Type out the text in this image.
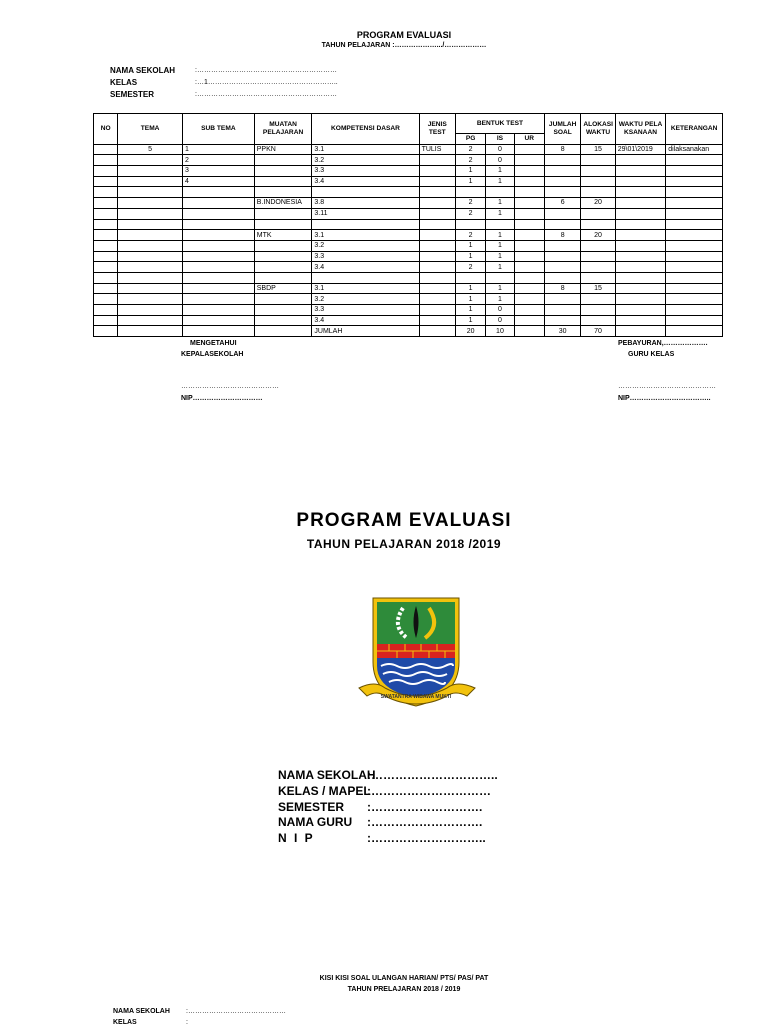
PROGRAM EVALUASI
TAHUN PELAJARAN :……………….../………………
NAMA SEKOLAH	:……………………………………………………
KELAS	:…1………………………………………………..
SEMESTER	:……………………………………………………
NO	TEMA	SUB TEMA	MUATAN PELAJARAN	KOMPETENSI DASAR	JENIS TEST	BENTUK TEST			JUMLAH SOAL	ALOKASI WAKTU	WAKTU PELAKSANAAN	KETERANGAN
						PG	IS	UR				
	5	1	PPKN	3.1	TULIS	2	0		8	15	29\01\2019	dilaksanakan
		2		3.2		2	0					
		3		3.3		1	1					
		4		3.4		1	1					

			B.INDONESIA	3.8		2	1		6	20		
				3.11		2	1					

			MTK	3.1		2	1		8	20		
				3.2		1	1					
				3.3		1	1					
				3.4		2	1					

			SBDP	3.1		1	1		8	15		
				3.2		1	1					
				3.3		1	0					
				3.4		1	0					
				JUMLAH		20	10		30	70		
MENGETAHUI
KEPALASEKOLAH
……………………………………
NIP…………………………
PEBAYURAN,……………….
GURU KELAS
……………………………………
NIP……………………………..
PROGRAM EVALUASI
TAHUN PELAJARAN 2018 /2019
SWATANTRA WIBAWA MUKTI
NAMA SEKOLAH
:…………………………..
KELAS / MAPEL
:…………………………
SEMESTER :……………………….
NAMA GURU :……………………….
N I P	:………………………..
KISI KISI SOAL ULANGAN HARIAN/ PTS/ PAS/ PAT
TAHUN PRELAJARAN 2018 / 2019
NAMA SEKOLAH :……………………………………
KELAS	:
